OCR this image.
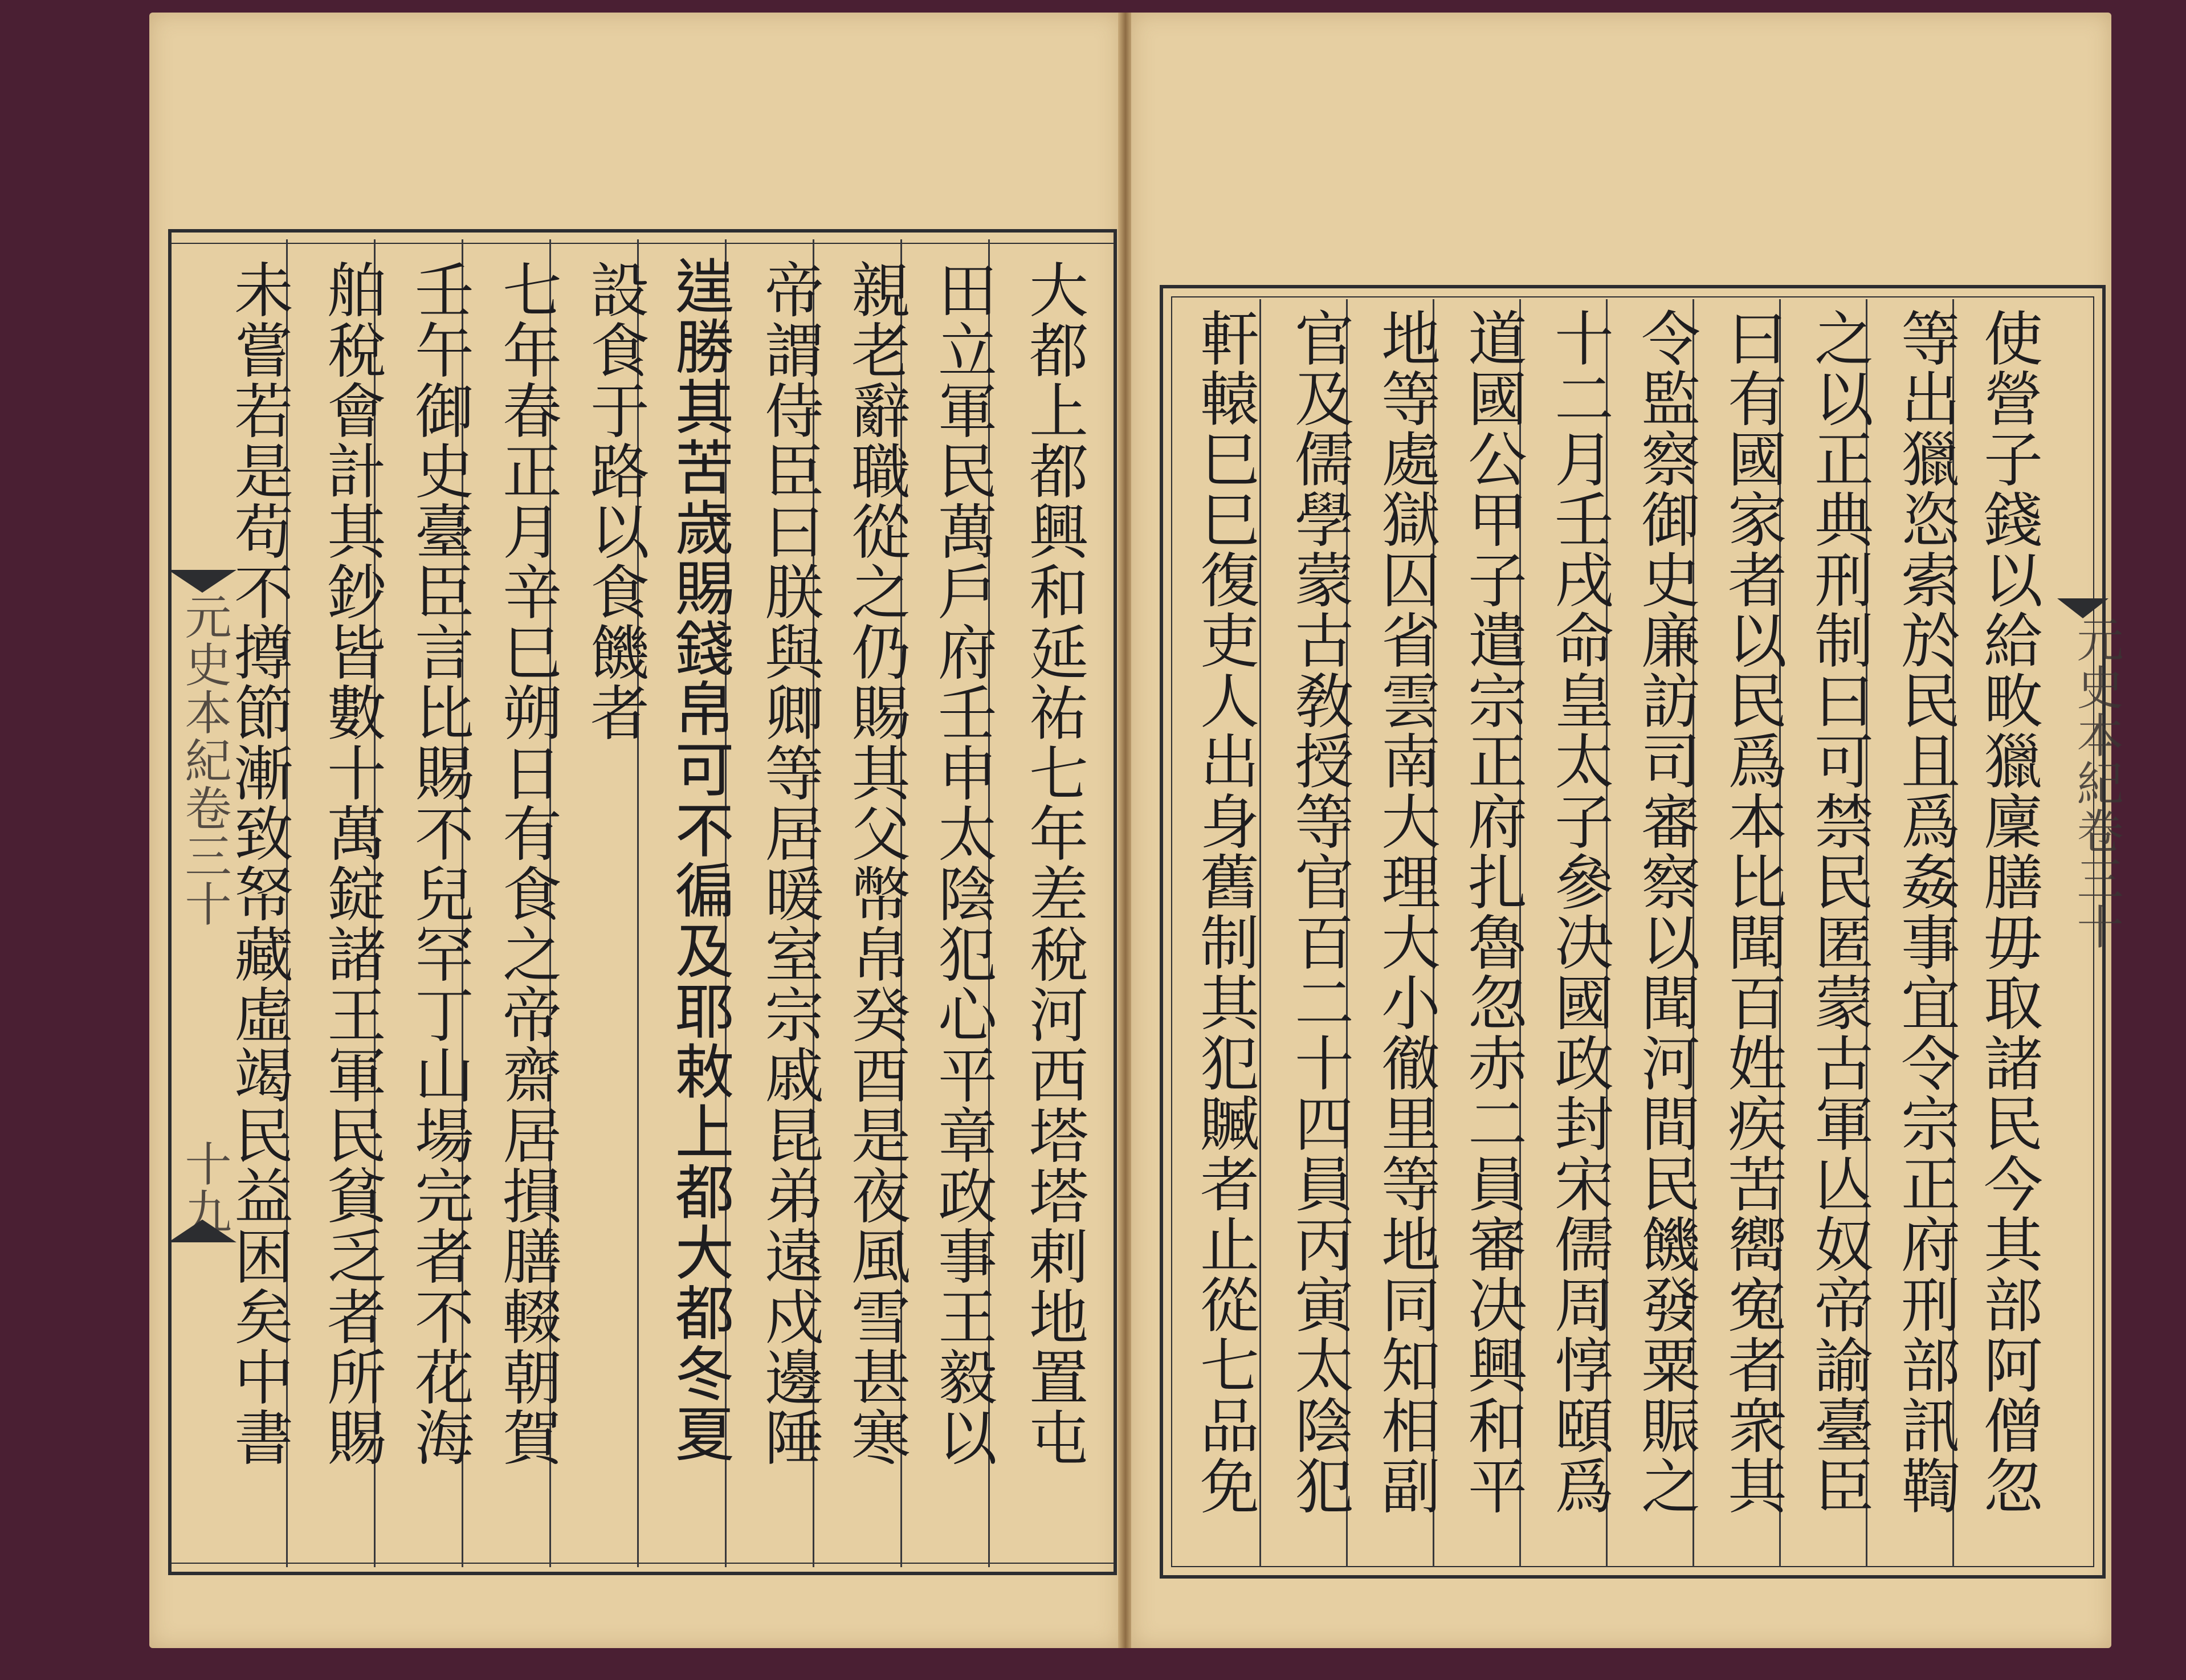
元史本紀卷三十
十九	大都上都興和延祐七年差稅河西塔塔剌地置屯
田立軍民萬戶府壬申太陰犯心平章政事王毅以
親老辭職從之仍賜其父幣帛癸酉是夜風雪甚寒
帝謂侍臣曰朕與卿等居暖室宗戚昆弟遠戍邊陲
𨓏勝其苦歲賜錢帛可不徧及耶敕上都大都冬夏
設食于路以食饑者
七年春正月辛巳朔日有食之帝齋居損膳輟朝賀
壬午御史臺臣言比賜不兒罕丁山場完者不花海
舶稅會計其鈔皆數十萬錠諸王軍民貧乏者所賜
未嘗若是苟不撙節漸致帑藏虛竭民益困矣中書	元史本紀卷三十
使營子錢以給畋獵廩膳毋取諸民今其部阿僧忽
等出獵恣索於民且爲姦事宜令宗正府刑部訊鞫
之以正典刑制曰可禁民匿蒙古軍亾奴帝諭臺臣
曰有國家者以民爲本比聞百姓疾苦嚮寃者衆其
令監察御史廉訪司審察以聞河間民饑發粟賑之
十二月壬戌命皇太子參决國政封宋儒周惇頤爲
道國公甲子遣宗正府扎魯忽赤二員審决興和平
地等處獄囚省雲南大理大小徹里等地同知相副
官及儒學蒙古敎授等官百二十四員丙寅太陰犯
軒轅巳巳復吏人出身舊制其犯贓者止從七品免
